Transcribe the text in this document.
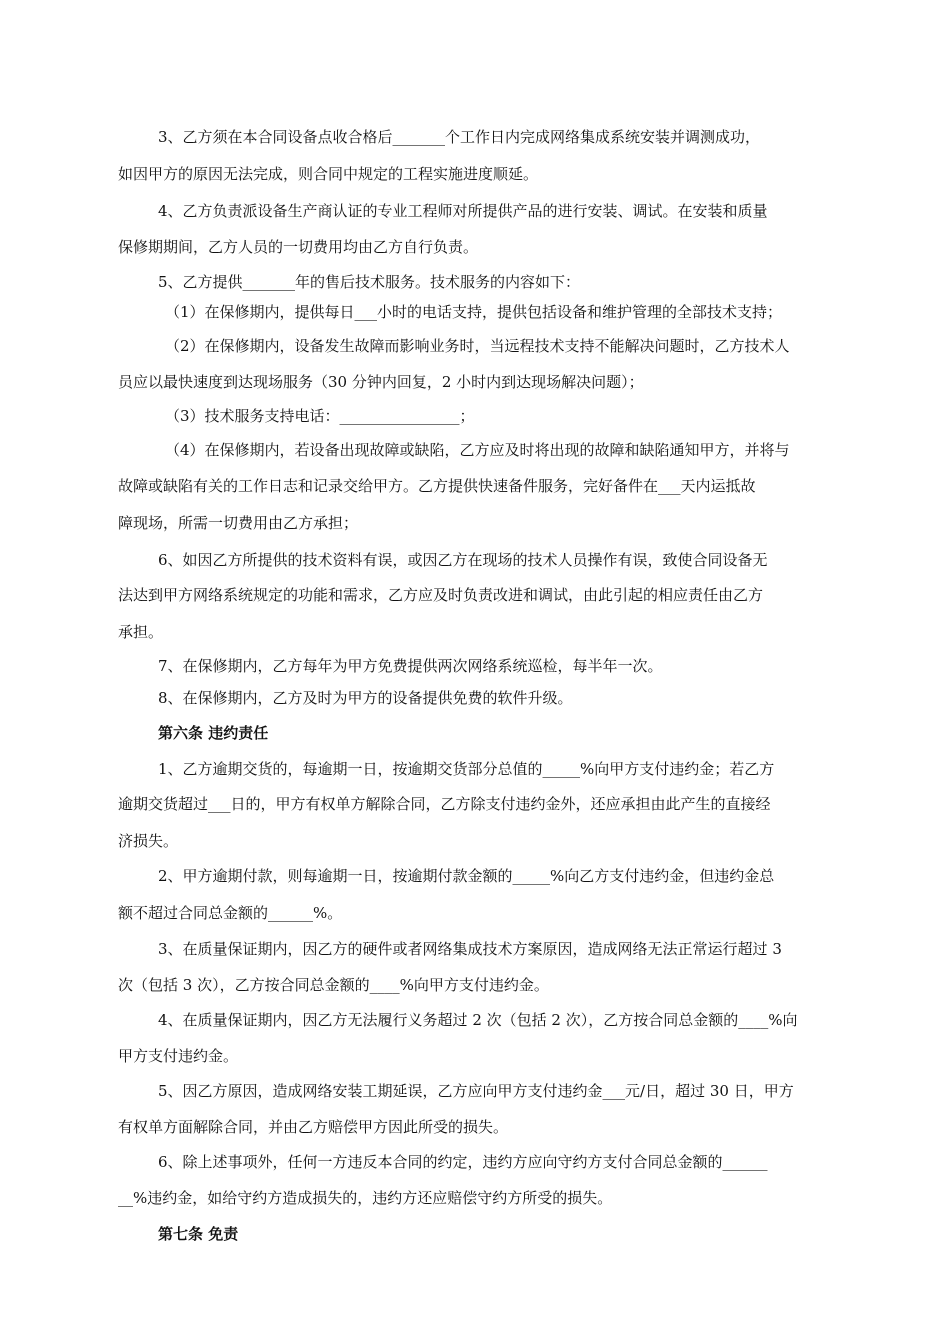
3、乙方须在本合同设备点收合格后_______个工作日内完成网络集成系统安装并调测成功，
如因甲方的原因无法完成，则合同中规定的工程实施进度顺延。
4、乙方负责派设备生产商认证的专业工程师对所提供产品的进行安装、调试。在安装和质量
保修期期间，乙方人员的一切费用均由乙方自行负责。
5、乙方提供_______年的售后技术服务。技术服务的内容如下：
（1）在保修期内，提供每日___小时的电话支持，提供包括设备和维护管理的全部技术支持；
（2）在保修期内，设备发生故障而影响业务时，当远程技术支持不能解决问题时，乙方技术人
员应以最快速度到达现场服务（30 分钟内回复，2 小时内到达现场解决问题）；
（3）技术服务支持电话：________________；
（4）在保修期内，若设备出现故障或缺陷，乙方应及时将出现的故障和缺陷通知甲方，并将与
故障或缺陷有关的工作日志和记录交给甲方。乙方提供快速备件服务，完好备件在___天内运抵故
障现场，所需一切费用由乙方承担；
6、如因乙方所提供的技术资料有误，或因乙方在现场的技术人员操作有误，致使合同设备无
法达到甲方网络系统规定的功能和需求，乙方应及时负责改进和调试，由此引起的相应责任由乙方
承担。
7、在保修期内，乙方每年为甲方免费提供两次网络系统巡检，每半年一次。
8、在保修期内，乙方及时为甲方的设备提供免费的软件升级。
第六条 违约责任
1、乙方逾期交货的，每逾期一日，按逾期交货部分总值的_____%向甲方支付违约金；若乙方
逾期交货超过___日的，甲方有权单方解除合同，乙方除支付违约金外，还应承担由此产生的直接经
济损失。
2、甲方逾期付款，则每逾期一日，按逾期付款金额的_____%向乙方支付违约金，但违约金总
额不超过合同总金额的______%。
3、在质量保证期内，因乙方的硬件或者网络集成技术方案原因，造成网络无法正常运行超过 3
次（包括 3 次），乙方按合同总金额的____%向甲方支付违约金。
4、在质量保证期内，因乙方无法履行义务超过 2 次（包括 2 次），乙方按合同总金额的____%向
甲方支付违约金。
5、因乙方原因，造成网络安装工期延误，乙方应向甲方支付违约金___元/日，超过 30 日，甲方
有权单方面解除合同，并由乙方赔偿甲方因此所受的损失。
6、除上述事项外，任何一方违反本合同的约定，违约方应向守约方支付合同总金额的______
__%违约金，如给守约方造成损失的，违约方还应赔偿守约方所受的损失。
第七条 免责
